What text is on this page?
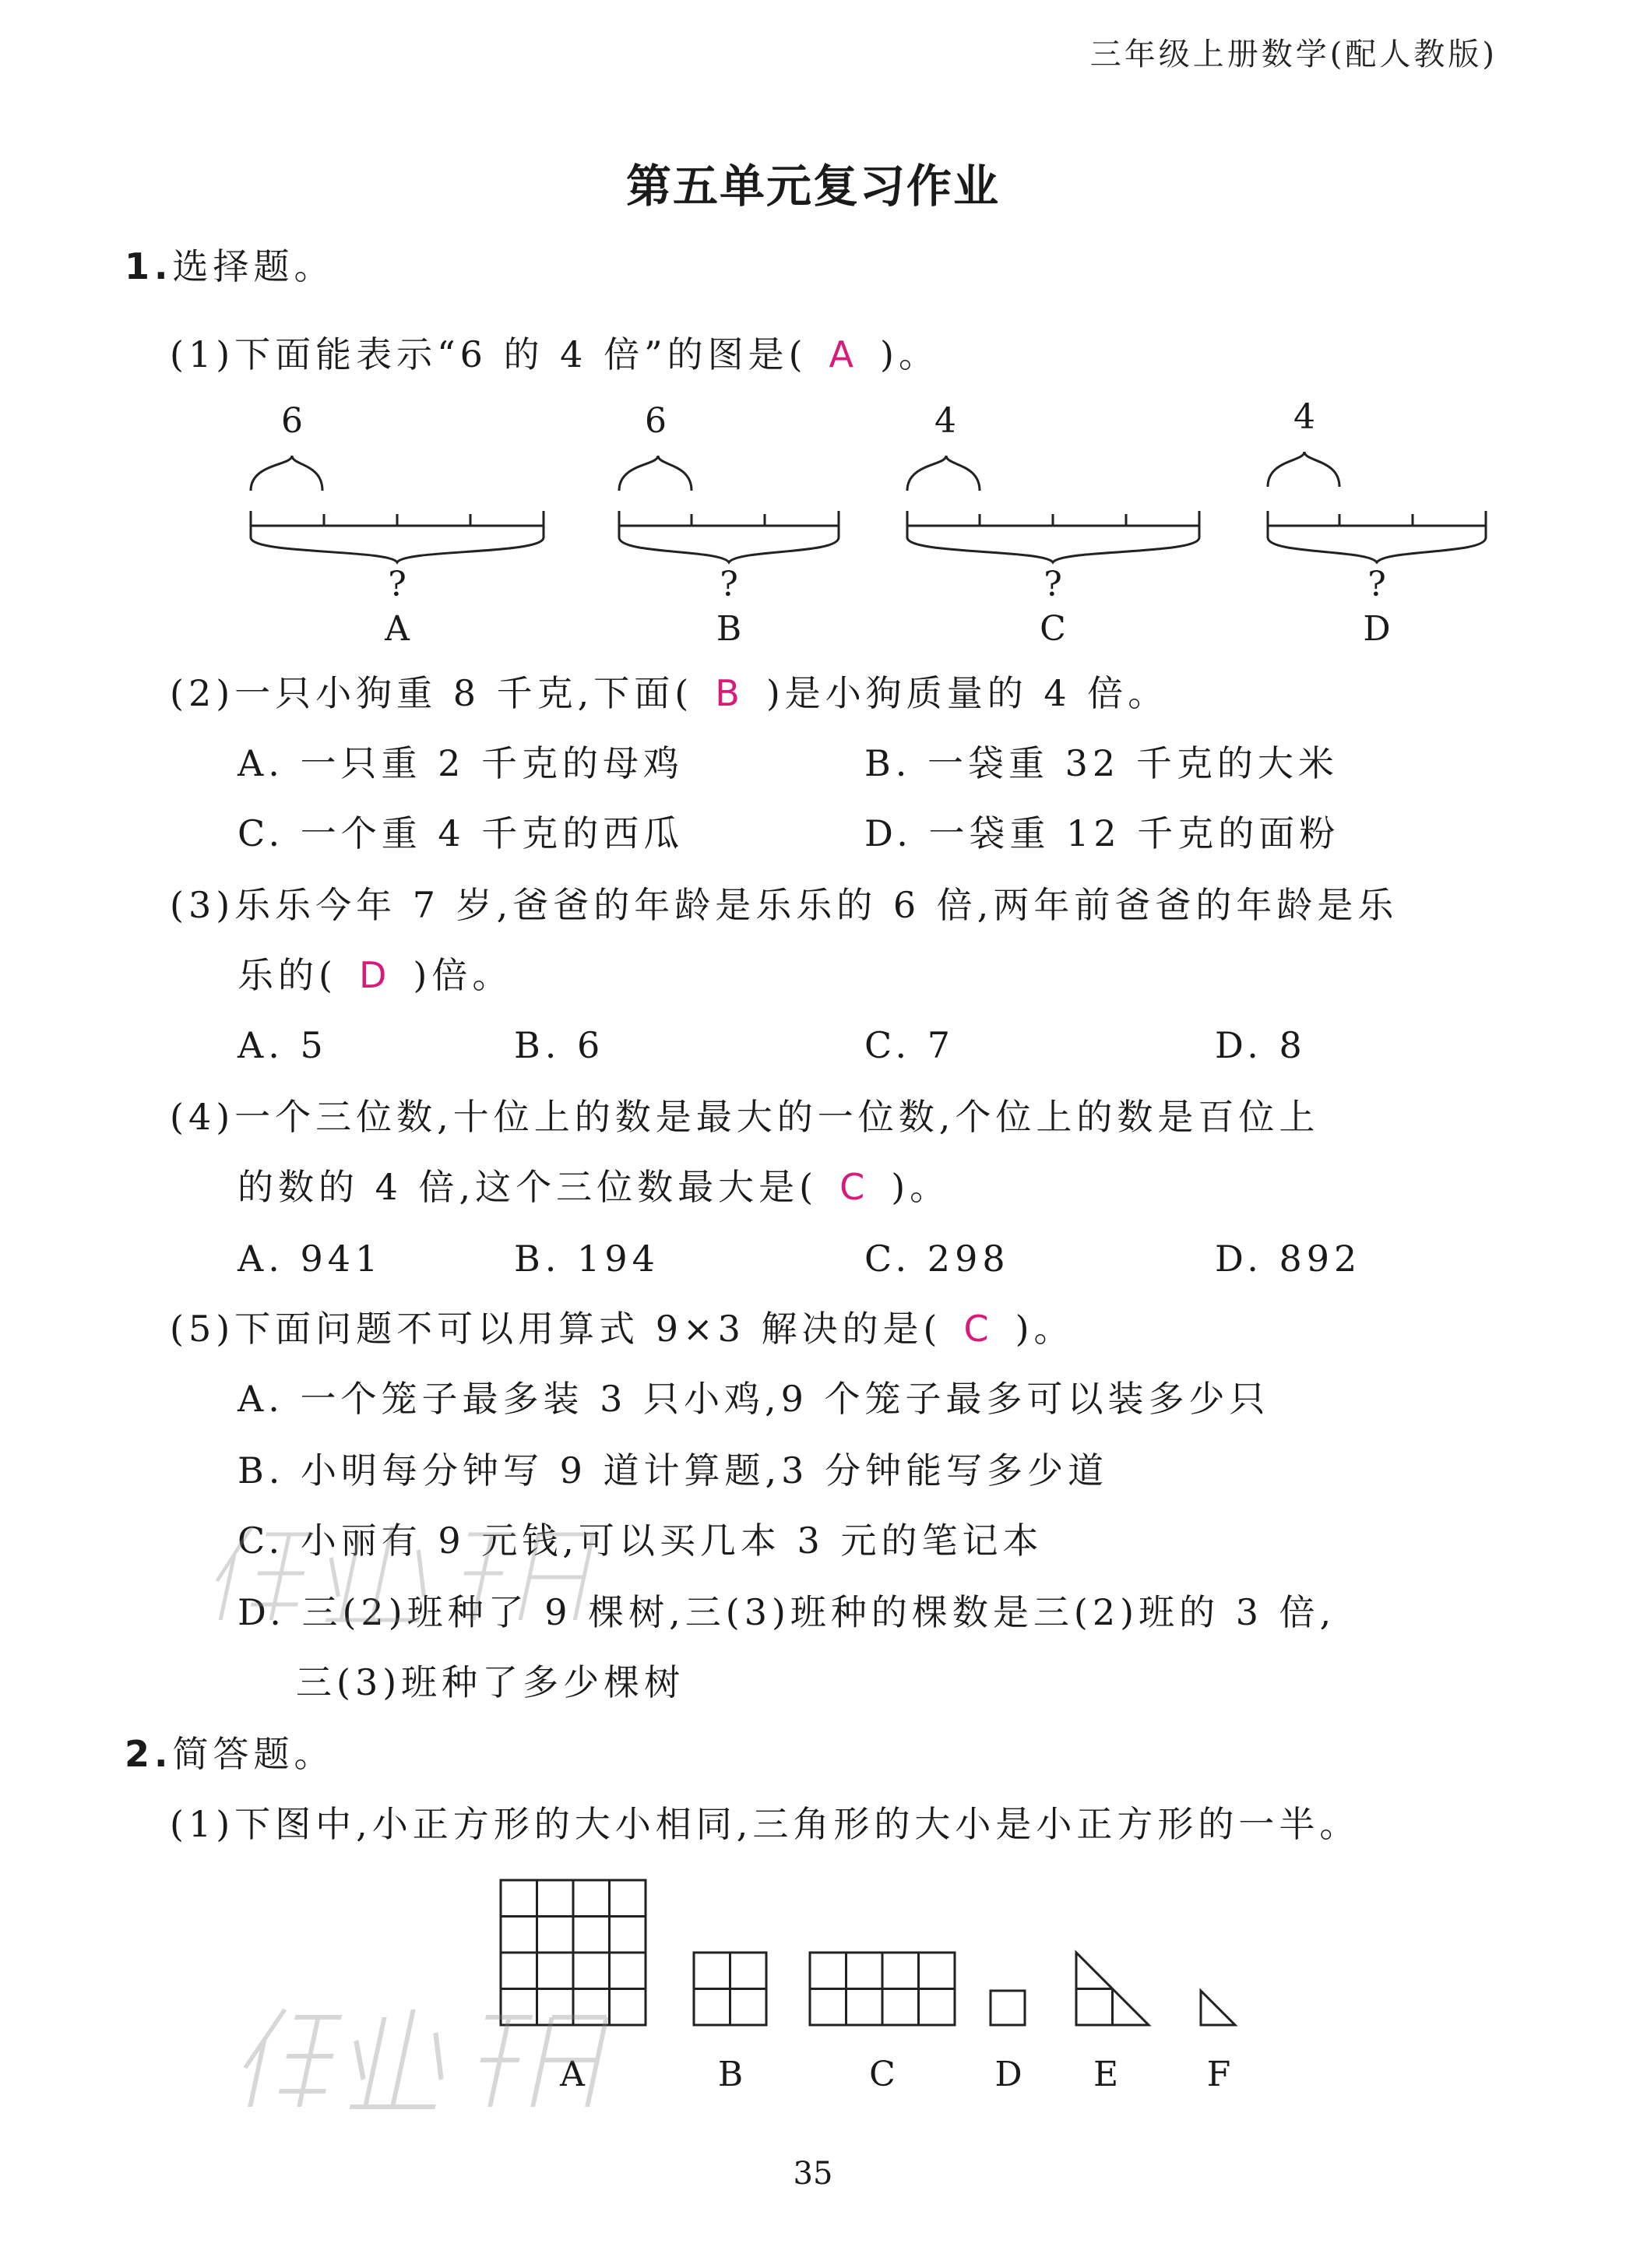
三年级上册数学(配人教版)
第五单元复习作业
1.选择题。
(1)下面能表示“6 的 4 倍”的图是( A )。
6
?
A
6
?
B
4
?
C
4
?
D
(2)一只小狗重 8 千克,下面( B )是小狗质量的 4 倍。
A. 一只重 2 千克的母鸡	B. 一袋重 32 千克的大米
C. 一个重 4 千克的西瓜	D. 一袋重 12 千克的面粉
(3)乐乐今年 7 岁,爸爸的年龄是乐乐的 6 倍,两年前爸爸的年龄是乐
乐的( D )倍。
A. 5	B. 6	C. 7	D. 8
(4)一个三位数,十位上的数是最大的一位数,个位上的数是百位上
的数的 4 倍,这个三位数最大是( C )。
A. 941	B. 194	C. 298	D. 892
(5)下面问题不可以用算式 9×3 解决的是( C )。
A. 一个笼子最多装 3 只小鸡,9 个笼子最多可以装多少只
B. 小明每分钟写 9 道计算题,3 分钟能写多少道
C. 小丽有 9 元钱,可以买几本 3 元的笔记本
D. 三(2)班种了 9 棵树,三(3)班种的棵数是三(2)班的 3 倍,
三(3)班种了多少棵树
2.简答题。
(1)下图中,小正方形的大小相同,三角形的大小是小正方形的一半。
A	B	C	D	E	F
35
